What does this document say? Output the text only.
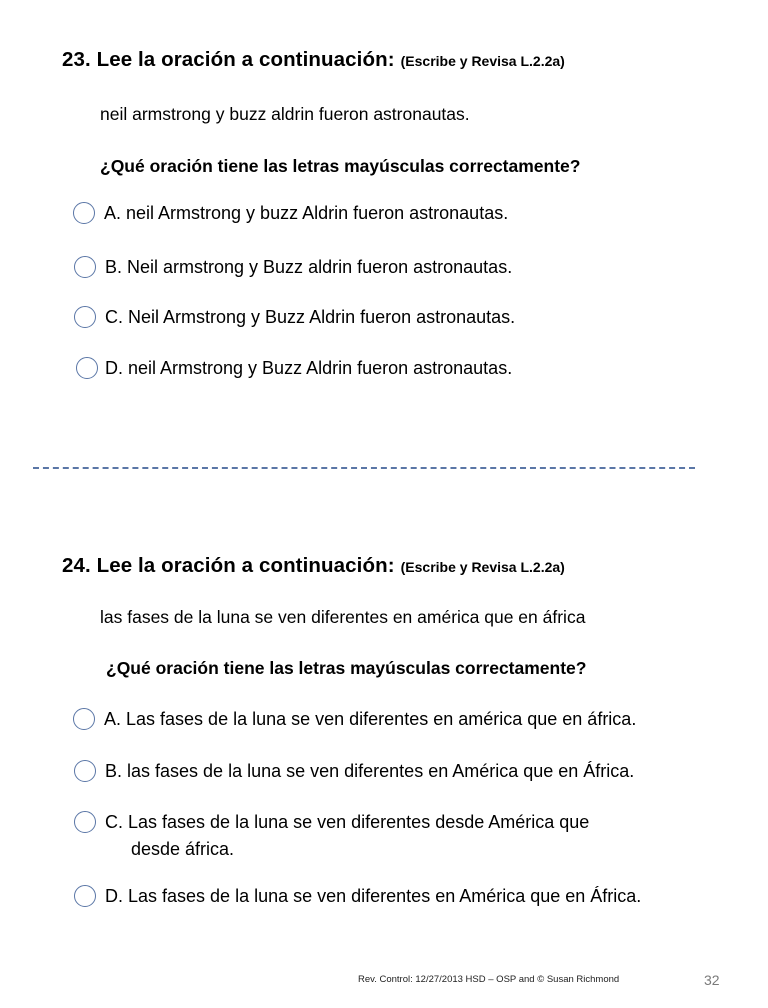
23. Lee la oración a continuación: (Escribe y Revisa L.2.2a)
neil armstrong y buzz aldrin fueron astronautas.
¿Qué oración tiene las letras mayúsculas correctamente?
A. neil Armstrong y buzz Aldrin fueron astronautas.
B. Neil armstrong y Buzz aldrin fueron astronautas.
C. Neil Armstrong y Buzz Aldrin fueron astronautas.
D. neil Armstrong y Buzz Aldrin fueron astronautas.
24. Lee la oración a continuación: (Escribe y Revisa L.2.2a)
las fases de la luna se ven diferentes en américa que en áfrica
¿Qué oración tiene las letras mayúsculas correctamente?
A. Las fases de la luna se ven diferentes en américa que en áfrica.
B. las fases de la luna se ven diferentes en América que en África.
C. Las fases de la luna se ven diferentes desde América que
desde áfrica.
D. Las fases de la luna se ven diferentes en América que en África.
Rev. Control: 12/27/2013 HSD – OSP and © Susan Richmond	32
